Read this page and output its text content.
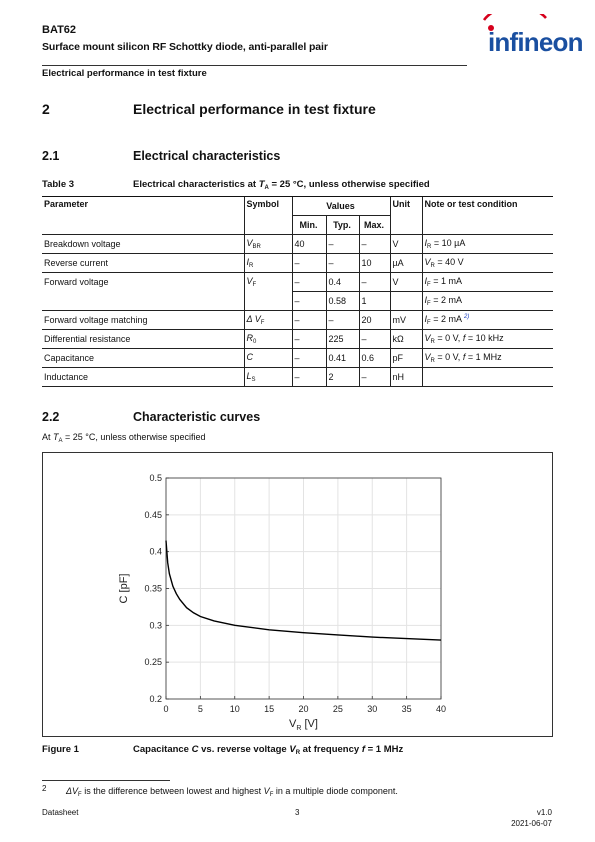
BAT62
Surface mount silicon RF Schottky diode, anti-parallel pair
Electrical performance in test fixture
infineon
2	Electrical performance in test fixture
2.1	Electrical characteristics
Table 3	Electrical characteristics at $T_A = 25$ °C, unless otherwise specified
Parameter	Symbol	Values			Unit	Note or test condition
		Min.	Typ.	Max.		
Breakdown voltage	$V_{BR}$	40	–	–	V	$I_R = 10$ µA
Reverse current	$I_R$	–	–	10	µA	$V_R = 40$ V
Forward voltage	$V_F$	–	0.4	–	V	$I_F = 1$ mA
		–	0.58	1		$I_F = 2$ mA
Forward voltage matching	Δ $V_F$	–	–	20	mV	$I_F = 2$ mA $^{2)}$
Differential resistance	$R_0$	–	225	–	kΩ	$V_R = 0$ V, f = 10 kHz
Capacitance	C	–	0.41	0.6	pF	$V_R = 0$ V, f = 1 MHz
Inductance	$L_S$	–	2	–	nH	
2.2	Characteristic curves
At $T_A = 25$ °C, unless otherwise specified
0	5	10	15	20	25	30	35	40
0.2
0.25
0.3
0.35
0.4
0.45
0.5
$V_R$ [V]
C [pF]
Figure 1	Capacitance C vs. reverse voltage $V_R$ at frequency f = 1 MHz
2 $\Delta V_F$ is the difference between lowest and highest $V_F$ in a multiple diode component.
Datasheet	3	v1.0
2021-06-07
